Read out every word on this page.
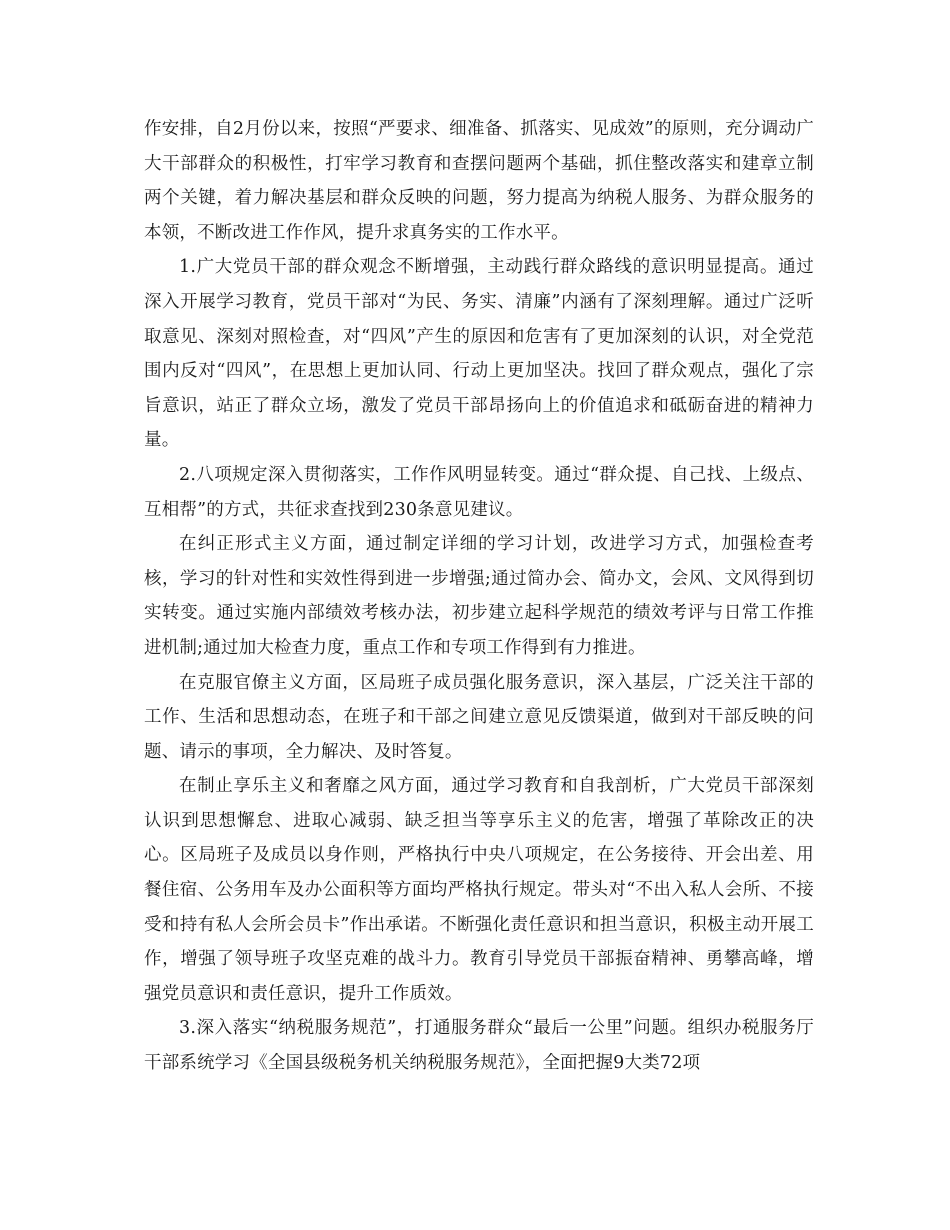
作安排，自2月份以来，按照“严要求、细准备、抓落实、见成效”的原则，充分调动广大干部群众的积极性，打牢学习教育和查摆问题两个基础，抓住整改落实和建章立制两个关键，着力解决基层和群众反映的问题，努力提高为纳税人服务、为群众服务的本领，不断改进工作作风，提升求真务实的工作水平。

1.广大党员干部的群众观念不断增强，主动践行群众路线的意识明显提高。通过深入开展学习教育，党员干部对“为民、务实、清廉”内涵有了深刻理解。通过广泛听取意见、深刻对照检查，对“四风”产生的原因和危害有了更加深刻的认识，对全党范围内反对“四风”，在思想上更加认同、行动上更加坚决。找回了群众观点，强化了宗旨意识，站正了群众立场，激发了党员干部昂扬向上的价值追求和砥砺奋进的精神力量。

2.八项规定深入贯彻落实，工作作风明显转变。通过“群众提、自己找、上级点、互相帮”的方式，共征求查找到230条意见建议。

在纠正形式主义方面，通过制定详细的学习计划，改进学习方式，加强检查考核，学习的针对性和实效性得到进一步增强;通过简办会、简办文，会风、文风得到切实转变。通过实施内部绩效考核办法，初步建立起科学规范的绩效考评与日常工作推进机制;通过加大检查力度，重点工作和专项工作得到有力推进。

在克服官僚主义方面，区局班子成员强化服务意识，深入基层，广泛关注干部的工作、生活和思想动态，在班子和干部之间建立意见反馈渠道，做到对干部反映的问题、请示的事项，全力解决、及时答复。

在制止享乐主义和奢靡之风方面，通过学习教育和自我剖析，广大党员干部深刻认识到思想懈怠、进取心减弱、缺乏担当等享乐主义的危害，增强了革除改正的决心。区局班子及成员以身作则，严格执行中央八项规定，在公务接待、开会出差、用餐住宿、公务用车及办公面积等方面均严格执行规定。带头对“不出入私人会所、不接受和持有私人会所会员卡”作出承诺。不断强化责任意识和担当意识，积极主动开展工作，增强了领导班子攻坚克难的战斗力。教育引导党员干部振奋精神、勇攀高峰，增强党员意识和责任意识，提升工作质效。

3.深入落实“纳税服务规范”，打通服务群众“最后一公里”问题。组织办税服务厅干部系统学习《全国县级税务机关纳税服务规范》，全面把握9大类72项
